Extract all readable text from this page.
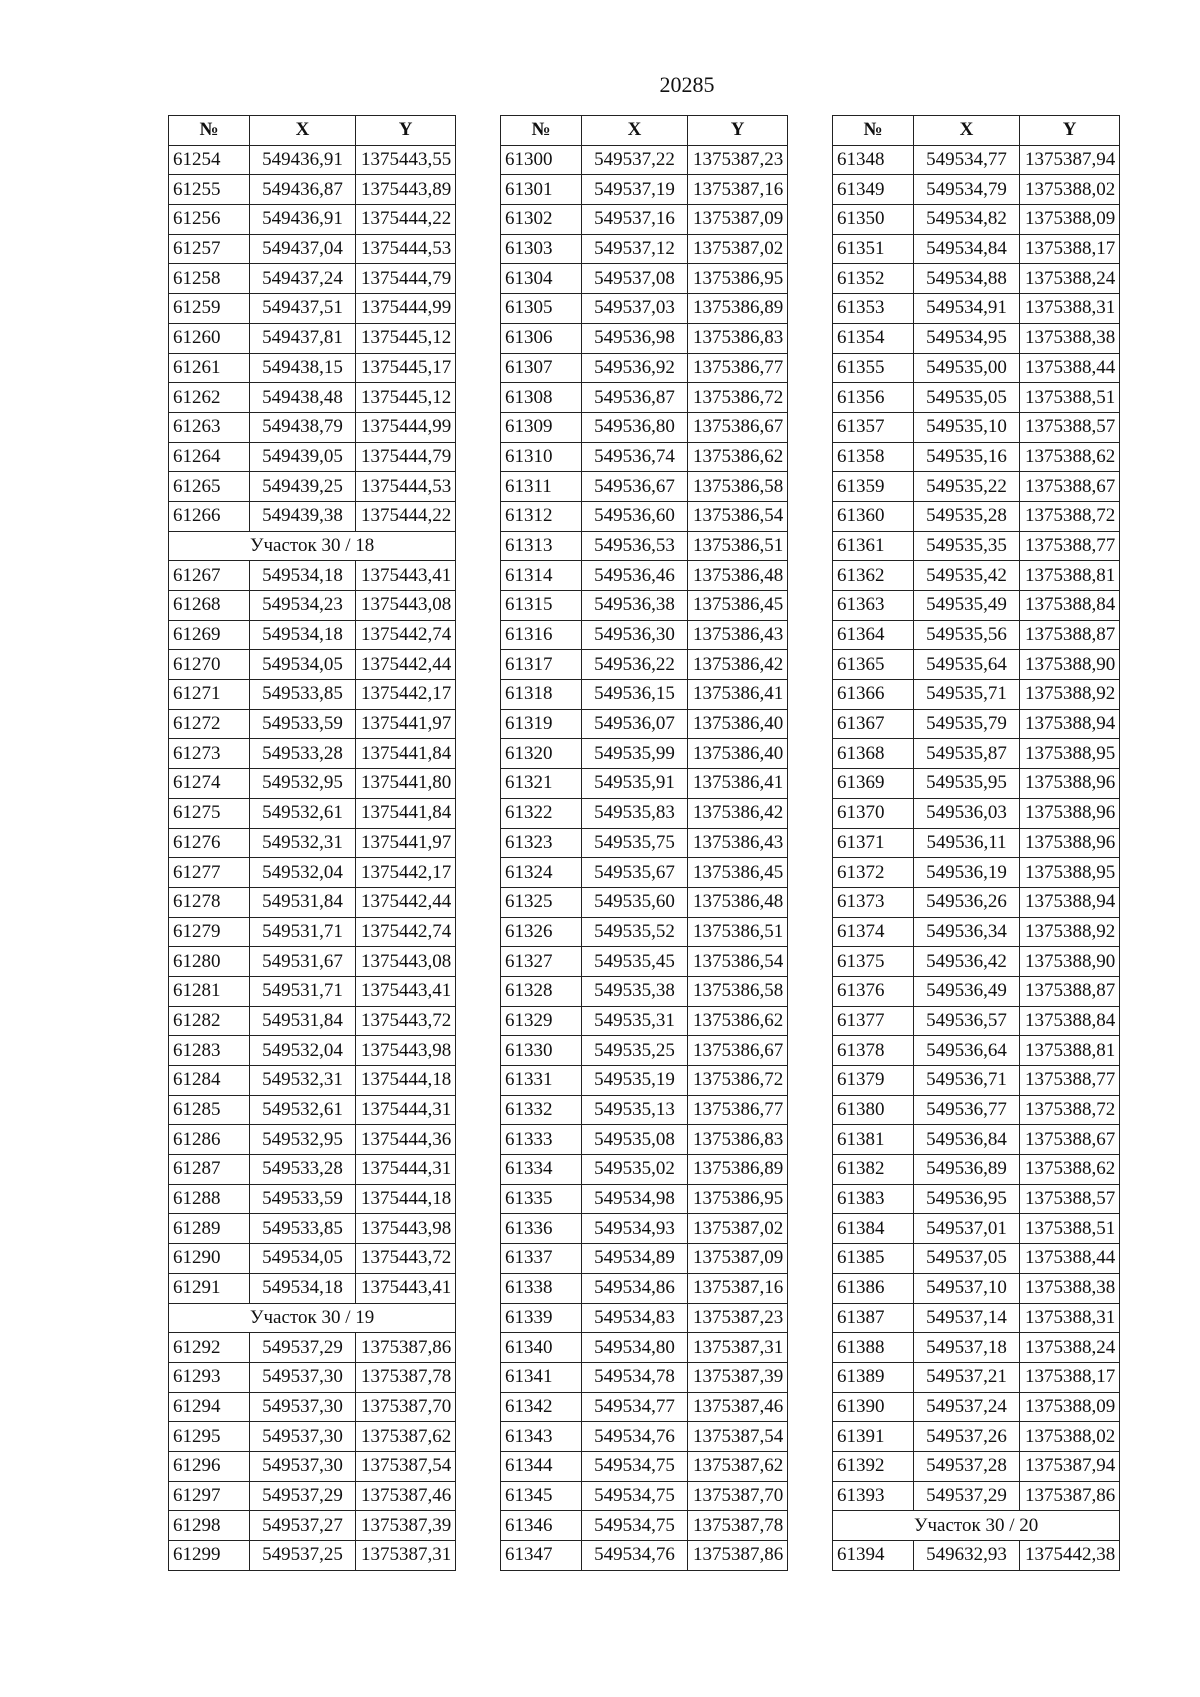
20285
№	X	Y
61254	549436,91	1375443,55
61255	549436,87	1375443,89
61256	549436,91	1375444,22
61257	549437,04	1375444,53
61258	549437,24	1375444,79
61259	549437,51	1375444,99
61260	549437,81	1375445,12
61261	549438,15	1375445,17
61262	549438,48	1375445,12
61263	549438,79	1375444,99
61264	549439,05	1375444,79
61265	549439,25	1375444,53
61266	549439,38	1375444,22
Участок 30 / 18		
61267	549534,18	1375443,41
61268	549534,23	1375443,08
61269	549534,18	1375442,74
61270	549534,05	1375442,44
61271	549533,85	1375442,17
61272	549533,59	1375441,97
61273	549533,28	1375441,84
61274	549532,95	1375441,80
61275	549532,61	1375441,84
61276	549532,31	1375441,97
61277	549532,04	1375442,17
61278	549531,84	1375442,44
61279	549531,71	1375442,74
61280	549531,67	1375443,08
61281	549531,71	1375443,41
61282	549531,84	1375443,72
61283	549532,04	1375443,98
61284	549532,31	1375444,18
61285	549532,61	1375444,31
61286	549532,95	1375444,36
61287	549533,28	1375444,31
61288	549533,59	1375444,18
61289	549533,85	1375443,98
61290	549534,05	1375443,72
61291	549534,18	1375443,41
Участок 30 / 19		
61292	549537,29	1375387,86
61293	549537,30	1375387,78
61294	549537,30	1375387,70
61295	549537,30	1375387,62
61296	549537,30	1375387,54
61297	549537,29	1375387,46
61298	549537,27	1375387,39
61299	549537,25	1375387,31
№	X	Y
61300	549537,22	1375387,23
61301	549537,19	1375387,16
61302	549537,16	1375387,09
61303	549537,12	1375387,02
61304	549537,08	1375386,95
61305	549537,03	1375386,89
61306	549536,98	1375386,83
61307	549536,92	1375386,77
61308	549536,87	1375386,72
61309	549536,80	1375386,67
61310	549536,74	1375386,62
61311	549536,67	1375386,58
61312	549536,60	1375386,54
61313	549536,53	1375386,51
61314	549536,46	1375386,48
61315	549536,38	1375386,45
61316	549536,30	1375386,43
61317	549536,22	1375386,42
61318	549536,15	1375386,41
61319	549536,07	1375386,40
61320	549535,99	1375386,40
61321	549535,91	1375386,41
61322	549535,83	1375386,42
61323	549535,75	1375386,43
61324	549535,67	1375386,45
61325	549535,60	1375386,48
61326	549535,52	1375386,51
61327	549535,45	1375386,54
61328	549535,38	1375386,58
61329	549535,31	1375386,62
61330	549535,25	1375386,67
61331	549535,19	1375386,72
61332	549535,13	1375386,77
61333	549535,08	1375386,83
61334	549535,02	1375386,89
61335	549534,98	1375386,95
61336	549534,93	1375387,02
61337	549534,89	1375387,09
61338	549534,86	1375387,16
61339	549534,83	1375387,23
61340	549534,80	1375387,31
61341	549534,78	1375387,39
61342	549534,77	1375387,46
61343	549534,76	1375387,54
61344	549534,75	1375387,62
61345	549534,75	1375387,70
61346	549534,75	1375387,78
61347	549534,76	1375387,86
№	X	Y
61348	549534,77	1375387,94
61349	549534,79	1375388,02
61350	549534,82	1375388,09
61351	549534,84	1375388,17
61352	549534,88	1375388,24
61353	549534,91	1375388,31
61354	549534,95	1375388,38
61355	549535,00	1375388,44
61356	549535,05	1375388,51
61357	549535,10	1375388,57
61358	549535,16	1375388,62
61359	549535,22	1375388,67
61360	549535,28	1375388,72
61361	549535,35	1375388,77
61362	549535,42	1375388,81
61363	549535,49	1375388,84
61364	549535,56	1375388,87
61365	549535,64	1375388,90
61366	549535,71	1375388,92
61367	549535,79	1375388,94
61368	549535,87	1375388,95
61369	549535,95	1375388,96
61370	549536,03	1375388,96
61371	549536,11	1375388,96
61372	549536,19	1375388,95
61373	549536,26	1375388,94
61374	549536,34	1375388,92
61375	549536,42	1375388,90
61376	549536,49	1375388,87
61377	549536,57	1375388,84
61378	549536,64	1375388,81
61379	549536,71	1375388,77
61380	549536,77	1375388,72
61381	549536,84	1375388,67
61382	549536,89	1375388,62
61383	549536,95	1375388,57
61384	549537,01	1375388,51
61385	549537,05	1375388,44
61386	549537,10	1375388,38
61387	549537,14	1375388,31
61388	549537,18	1375388,24
61389	549537,21	1375388,17
61390	549537,24	1375388,09
61391	549537,26	1375388,02
61392	549537,28	1375387,94
61393	549537,29	1375387,86
Участок 30 / 20		
61394	549632,93	1375442,38
